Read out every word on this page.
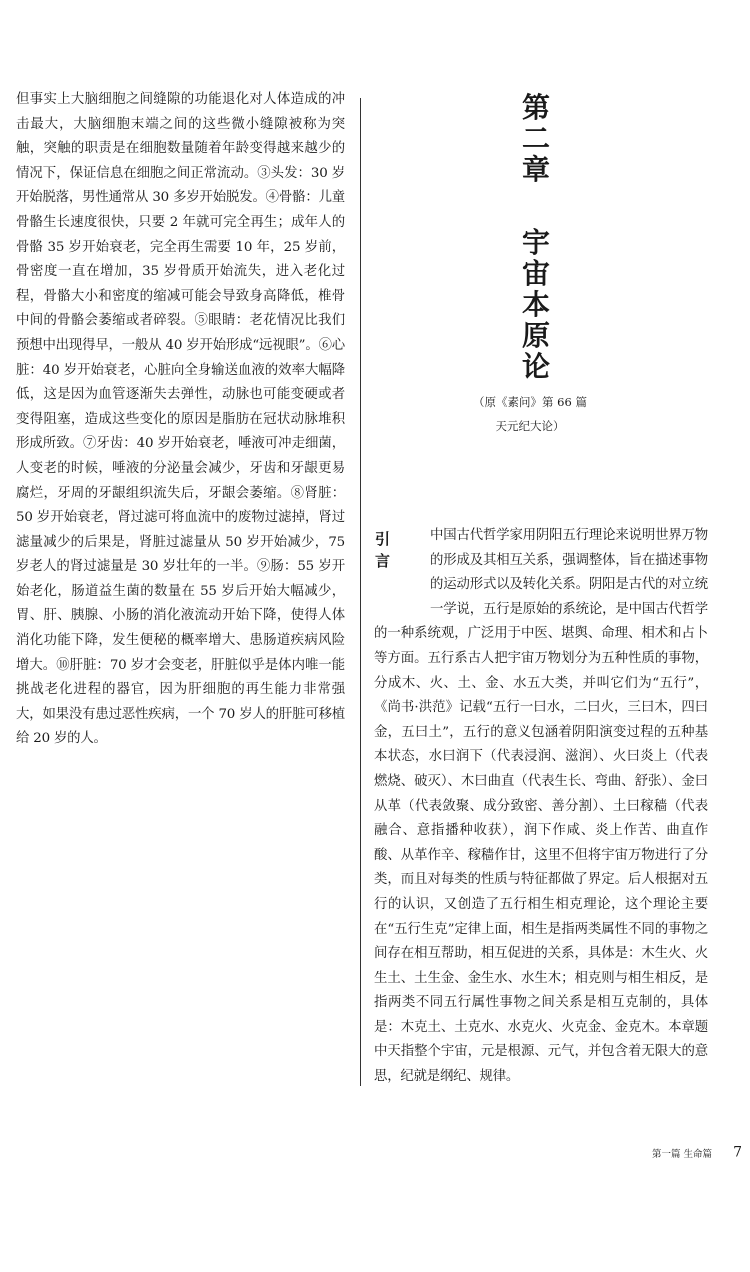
但事实上大脑细胞之间缝隙的功能退化对人体造成的冲击最大，大脑细胞末端之间的这些微小缝隙被称为突触，突触的职责是在细胞数量随着年龄变得越来越少的情况下，保证信息在细胞之间正常流动。③头发：30 岁开始脱落，男性通常从 30 多岁开始脱发。④骨骼：儿童骨骼生长速度很快，只要 2 年就可完全再生；成年人的骨骼 35 岁开始衰老，完全再生需要 10 年，25 岁前，骨密度一直在增加，35 岁骨质开始流失，进入老化过程，骨骼大小和密度的缩减可能会导致身高降低，椎骨中间的骨骼会萎缩或者碎裂。⑤眼睛：老花情况比我们预想中出现得早，一般从 40 岁开始形成“远视眼”。⑥心脏：40 岁开始衰老，心脏向全身输送血液的效率大幅降低，这是因为血管逐渐失去弹性，动脉也可能变硬或者变得阻塞，造成这些变化的原因是脂肪在冠状动脉堆积形成所致。⑦牙齿：40 岁开始衰老，唾液可冲走细菌，人变老的时候，唾液的分泌量会减少，牙齿和牙龈更易腐烂，牙周的牙龈组织流失后，牙龈会萎缩。⑧肾脏：50 岁开始衰老，肾过滤可将血流中的废物过滤掉，肾过滤量减少的后果是，肾脏过滤量从 50 岁开始减少，75 岁老人的肾过滤量是 30 岁壮年的一半。⑨肠：55 岁开始老化，肠道益生菌的数量在 55 岁后开始大幅减少，胃、肝、胰腺、小肠的消化液流动开始下降，使得人体消化功能下降，发生便秘的概率增大、患肠道疾病风险增大。⑩肝脏：70 岁才会变老，肝脏似乎是体内唯一能挑战老化进程的器官，因为肝细胞的再生能力非常强大，如果没有患过恶性疾病，一个 70 岁人的肝脏可移植给 20 岁的人。

第
二
章
宇
宙
本
原
论

（原《素问》第 66 篇

天元纪大论）

引
言
中国古代哲学家用阴阳五行理论来说明世界万物的形成及其相互关系，强调整体，旨在描述事物的运动形式以及转化关系。阴阳是古代的对立统一学说，五行是原始的系统论，是中国古代哲学的一种系统观，广泛用于中医、堪舆、命理、相术和占卜等方面。五行系古人把宇宙万物划分为五种性质的事物，分成木、火、土、金、水五大类，并叫它们为“五行”，《尚书·洪范》记载“五行一曰水，二曰火，三曰木，四曰金，五曰土”，五行的意义包涵着阴阳演变过程的五种基本状态，水曰润下（代表浸润、滋润）、火曰炎上（代表燃烧、破灭）、木曰曲直（代表生长、弯曲、舒张）、金曰从革（代表敛聚、成分致密、善分割）、土曰稼穑（代表融合、意指播种收获），润下作咸、炎上作苦、曲直作酸、从革作辛、稼穑作甘，这里不但将宇宙万物进行了分类，而且对每类的性质与特征都做了界定。后人根据对五行的认识，又创造了五行相生相克理论，这个理论主要在“五行生克”定律上面，相生是指两类属性不同的事物之间存在相互帮助，相互促进的关系，具体是：木生火、火生土、土生金、金生水、水生木；相克则与相生相反，是指两类不同五行属性事物之间关系是相互克制的，具体是：木克土、土克水、水克火、火克金、金克木。本章题中天指整个宇宙，元是根源、元气，并包含着无限大的意思，纪就是纲纪、规律。
第一篇 生命篇 7
